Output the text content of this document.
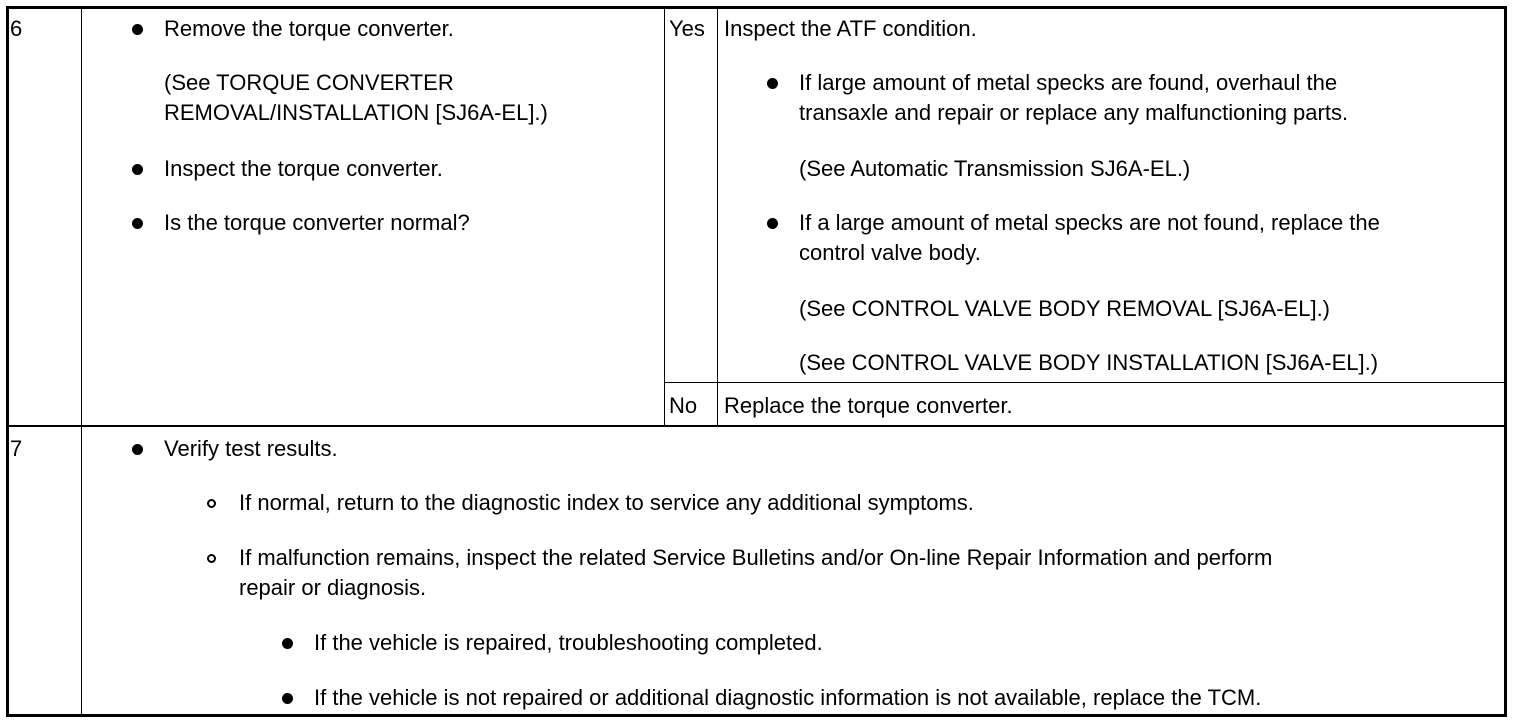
6	Remove the torque converter.
(See TORQUE CONVERTER
REMOVAL/INSTALLATION [SJ6A-EL].)
Inspect the torque converter.
Is the torque converter normal?
Yes Inspect the ATF condition.
If large amount of metal specks are found, overhaul the
transaxle and repair or replace any malfunctioning parts.
(See Automatic Transmission SJ6A-EL.)
If a large amount of metal specks are not found, replace the
control valve body.
(See CONTROL VALVE BODY REMOVAL [SJ6A-EL].)
(See CONTROL VALVE BODY INSTALLATION [SJ6A-EL].)
No Replace the torque converter.
7	Verify test results.
If normal, return to the diagnostic index to service any additional symptoms.
If malfunction remains, inspect the related Service Bulletins and/or On-line Repair Information and perform
repair or diagnosis.
If the vehicle is repaired, troubleshooting completed.
If the vehicle is not repaired or additional diagnostic information is not available, replace the TCM.
